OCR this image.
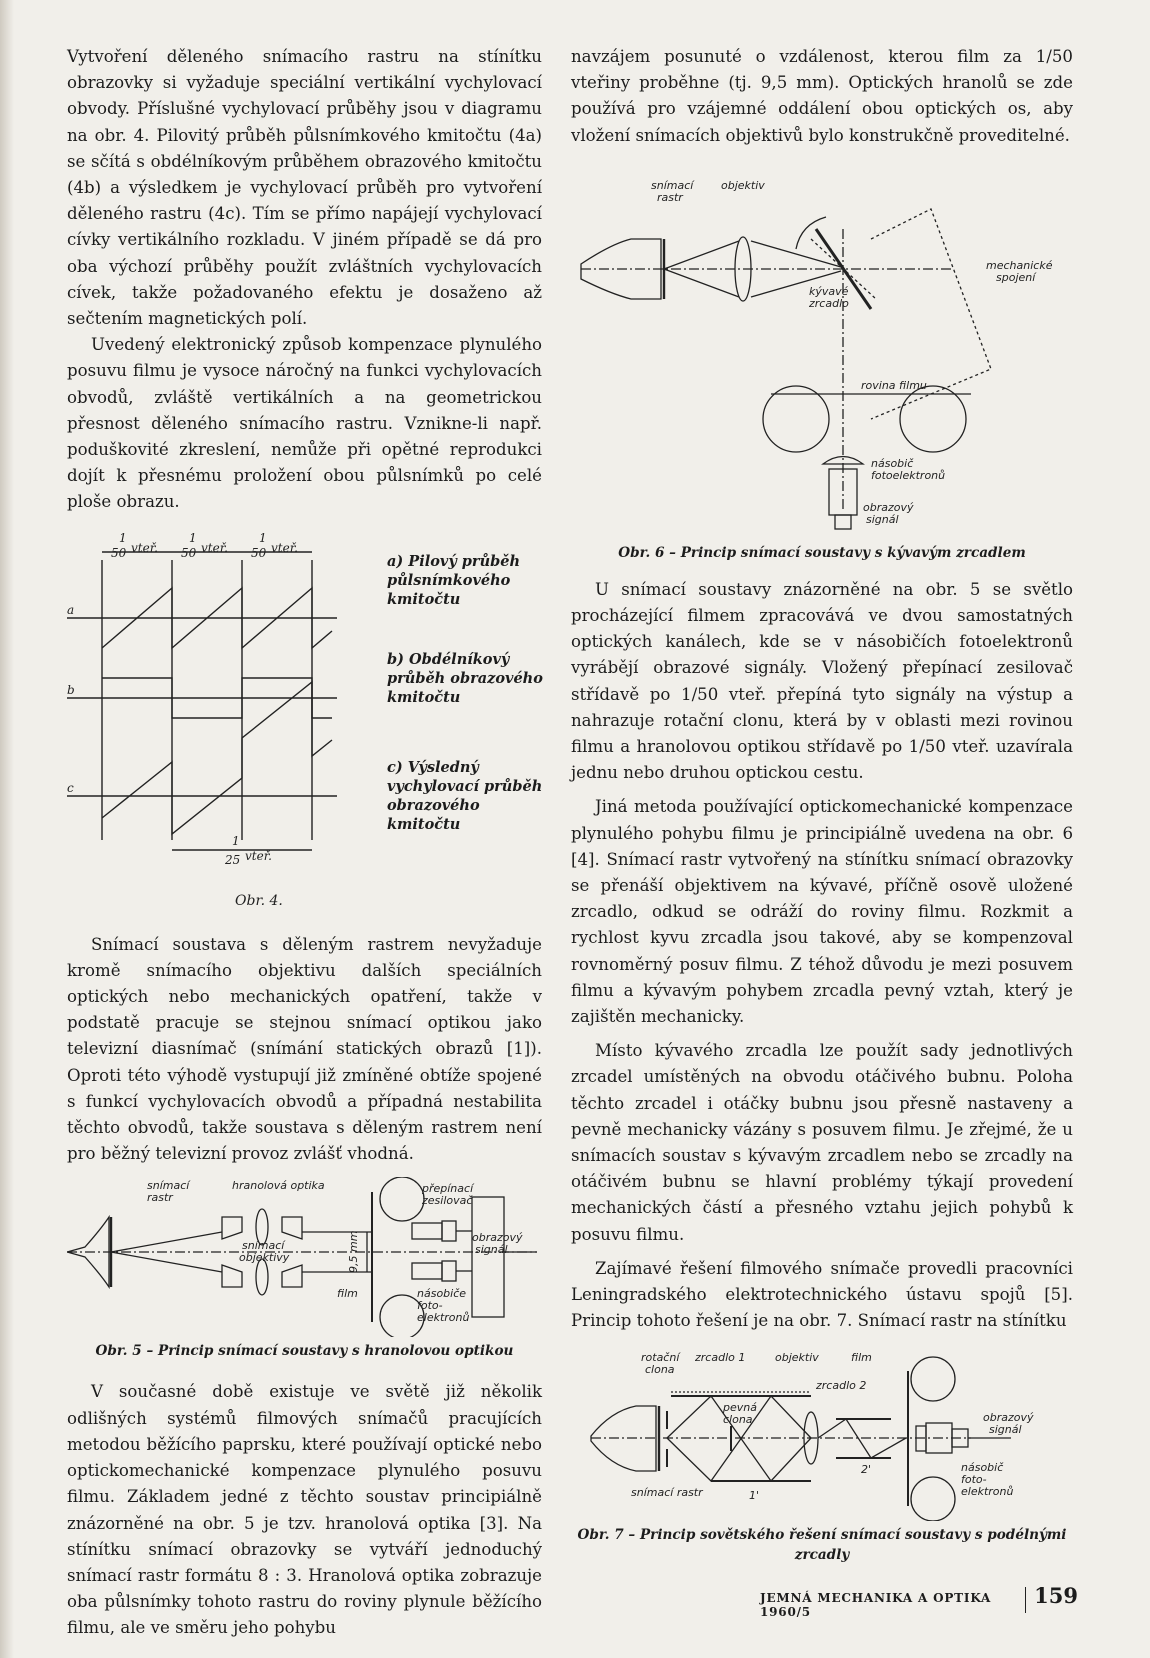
Vytvoření děleného snímacího rastru na stínítku obrazovky si vyžaduje speciální vertikální vychylovací obvody. Příslušné vychylovací průběhy jsou v diagramu na obr. 4. Pilovitý průběh půlsnímkového kmitočtu (4a) se sčítá s obdélníkovým průběhem obrazového kmitočtu (4b) a výsledkem je vychylovací průběh pro vytvoření děleného rastru (4c). Tím se přímo napájejí vychylovací cívky vertikálního rozkladu. V jiném případě se dá pro oba výchozí průběhy použít zvláštních vychylovacích cívek, takže požadovaného efektu je dosaženo až sečtením magnetických polí.

Uvedený elektronický způsob kompenzace plynulého posuvu filmu je vysoce náročný na funkci vychylovacích obvodů, zvláště vertikálních a na geometrickou přesnost děleného snímacího rastru. Vznikne-li např. poduškovité zkreslení, nemůže při opětné reprodukci dojít k přesnému proložení obou půlsnímků po celé ploše obrazu.

a
b
c
1
50 vteř.
1
50 vteř.
1
50 vteř.
1
25 vteř.
Obr. 4.
a) Pilový průběh půlsnímkového kmitočtu
b) Obdélníkový průběh obrazového kmitočtu
c) Výsledný vychylovací průběh obrazového kmitočtu

Snímací soustava s děleným rastrem nevyžaduje kromě snímacího objektivu dalších speciálních optických nebo mechanických opatření, takže v podstatě pracuje se stejnou snímací optikou jako televizní diasnímač (snímání statických obrazů [1]). Oproti této výhodě vystupují již zmíněné obtíže spojené s funkcí vychylovacích obvodů a případná nestabilita těchto obvodů, takže soustava s děleným rastrem není pro běžný televizní provoz zvlášť vhodná.

snímací
rastr
hranolová optika
snímací
objektivy	9,5 mm
přepínací
zesilovač
obrazový
signál
film	násobiče
foto-
elektronů
Obr. 5 – Princip snímací soustavy s hranolovou optikou

V současné době existuje ve světě již několik odlišných systémů filmových snímačů pracujících metodou běžícího paprsku, které používají optické nebo optickomechanické kompenzace plynulého posuvu filmu. Základem jedné z těchto soustav principiálně znázorněné na obr. 5 je tzv. hranolová optika [3]. Na stínítku snímací obrazovky se vytváří jednoduchý snímací rastr formátu 8 : 3. Hranolová optika zobrazuje oba půlsnímky tohoto rastru do roviny plynule běžícího filmu, ale ve směru jeho pohybu

navzájem posunuté o vzdálenost, kterou film za 1/50 vteřiny proběhne (tj. 9,5 mm). Optických hranolů se zde používá pro vzájemné oddálení obou optických os, aby vložení snímacích objektivů bylo konstrukčně proveditelné.

snímací
rastr
objektiv
mechanické
spojení
kývavé
zrcadlo
rovina filmu
násobič
fotoelektronů
obrazový
signál
Obr. 6 – Princip snímací soustavy s kývavým zrcadlem

U snímací soustavy znázorněné na obr. 5 se světlo procházející filmem zpracovává ve dvou samostatných optických kanálech, kde se v násobičích fotoelektronů vyrábějí obrazové signály. Vložený přepínací zesilovač střídavě po 1/50 vteř. přepíná tyto signály na výstup a nahrazuje rotační clonu, která by v oblasti mezi rovinou filmu a hranolovou optikou střídavě po 1/50 vteř. uzavírala jednu nebo druhou optickou cestu.

Jiná metoda používající optickomechanické kompenzace plynulého pohybu filmu je principiálně uvedena na obr. 6 [4]. Snímací rastr vytvořený na stínítku snímací obrazovky se přenáší objektivem na kývavé, příčně osově uložené zrcadlo, odkud se odráží do roviny filmu. Rozkmit a rychlost kyvu zrcadla jsou takové, aby se kompenzoval rovnoměrný posuv filmu. Z téhož důvodu je mezi posuvem filmu a kývavým pohybem zrcadla pevný vztah, který je zajištěn mechanicky.

Místo kývavého zrcadla lze použít sady jednotlivých zrcadel umístěných na obvodu otáčivého bubnu. Poloha těchto zrcadel i otáčky bubnu jsou přesně nastaveny a pevně mechanicky vázány s posuvem filmu. Je zřejmé, že u snímacích soustav s kývavým zrcadlem nebo se zrcadly na otáčivém bubnu se hlavní problémy týkají provedení mechanických částí a přesného vztahu jejich pohybů k posuvu filmu.

Zajímavé řešení filmového snímače provedli pracovníci Leningradského elektrotechnického ústavu spojů [5]. Princip tohoto řešení je na obr. 7. Snímací rastr na stínítku

rotační
clona
zrcadlo 1	objektiv	film
zrcadlo 2
pevná
clona	obrazový
signál
snímací rastr	1'
2'	násobič
foto-
elektronů
Obr. 7 – Princip sovětského řešení snímací soustavy s podélnými zrcadly
JEMNÁ MECHANIKA A OPTIKA 1960/5
159
